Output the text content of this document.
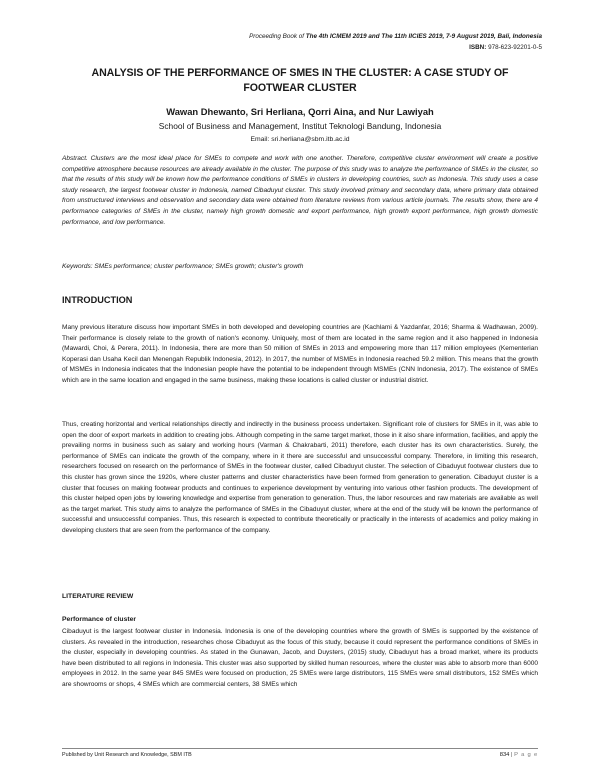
Proceeding Book of The 4th ICMEM 2019 and The 11th IICIES 2019, 7-9 August 2019, Bali, Indonesia
ISBN: 978-623-92201-0-5
ANALYSIS OF THE PERFORMANCE OF SMES IN THE CLUSTER: A CASE STUDY OF FOOTWEAR CLUSTER
Wawan Dhewanto, Sri Herliana, Qorri Aina, and Nur Lawiyah
School of Business and Management, Institut Teknologi Bandung, Indonesia
Email: sri.herliana@sbm.itb.ac.id

Abstract. Clusters are the most ideal place for SMEs to compete and work with one another. Therefore, competitive cluster environment will create a positive competitive atmosphere because resources are already available in the cluster. The purpose of this study was to analyze the performance of SMEs in the cluster, so that the results of this study will be known how the performance conditions of SMEs in clusters in developing countries, such as Indonesia. This study uses a case study research, the largest footwear cluster in Indonesia, named Cibaduyut cluster. This study involved primary and secondary data, where primary data obtained from unstructured interviews and observation and secondary data were obtained from literature reviews from various article journals. The results show, there are 4 performance categories of SMEs in the cluster, namely high growth domestic and export performance, high growth export performance, high growth domestic performance, and low performance.

Keywords: SMEs performance; cluster performance; SMEs growth; cluster's growth

INTRODUCTION

Many previous literature discuss how important SMEs in both developed and developing countries are (Kachlami & Yazdanfar, 2016; Sharma & Wadhawan, 2009). Their performance is closely relate to the growth of nation's economy. Uniquely, most of them are located in the same region and it also happened in Indonesia (Mawardi, Choi, & Perera, 2011). In Indonesia, there are more than 50 million of SMEs in 2013 and empowering more than 117 million employees (Kementerian Koperasi dan Usaha Kecil dan Menengah Republik Indonesia, 2012). In 2017, the number of MSMEs in Indonesia reached 59.2 million. This means that the growth of MSMEs in Indonesia indicates that the Indonesian people have the potential to be independent through MSMEs (CNN Indonesia, 2017). The existence of SMEs which are in the same location and engaged in the same business, making these locations is called cluster or industrial district.

Thus, creating horizontal and vertical relationships directly and indirectly in the business process undertaken. Significant role of clusters for SMEs in it, was able to open the door of export markets in addition to creating jobs. Although competing in the same target market, those in it also share information, facilities, and apply the prevailing norms in business such as salary and working hours (Varman & Chakrabarti, 2011) therefore, each cluster has its own characteristics. Surely, the performance of SMEs can indicate the growth of the company, where in it there are successful and unsuccessful company. Therefore, in limiting this research, researchers focused on research on the performance of SMEs in the footwear cluster, called Cibaduyut cluster. The selection of Cibaduyut footwear clusters due to this cluster has grown since the 1920s, where cluster patterns and cluster characteristics have been formed from generation to generation. Cibaduyut cluster is a cluster that focuses on making footwear products and continues to experience development by venturing into various other fashion products. The development of this cluster helped open jobs by lowering knowledge and expertise from generation to generation. Thus, the labor resources and raw materials are available as well as the target market. This study aims to analyze the performance of SMEs in the Cibaduyut cluster, where at the end of the study will be known the performance of successful and unsuccessful companies. Thus, this research is expected to contribute theoretically or practically in the interests of academics and policy making in developing clusters that are seen from the performance of the company.

LITERATURE REVIEW
Performance of cluster

Cibaduyut is the largest footwear cluster in Indonesia. Indonesia is one of the developing countries where the growth of SMEs is supported by the existence of clusters. As revealed in the introduction, researches chose Cibaduyut as the focus of this study, because it could represent the performance conditions of SMEs in the cluster, especially in developing countries. As stated in the Gunawan, Jacob, and Duysters, (2015) study, Cibaduyut has a broad market, where its products have been distributed to all regions in Indonesia. This cluster was also supported by skilled human resources, where the cluster was able to absorb more than 6000 employees in 2012. In the same year 845 SMEs were focused on production, 25 SMEs were large distributors, 115 SMEs were small distributors, 152 SMEs which are showrooms or shops, 4 SMEs which are commercial centers, 38 SMEs which

Published by Unit Research and Knowledge, SBM ITB	834 | P a g e
